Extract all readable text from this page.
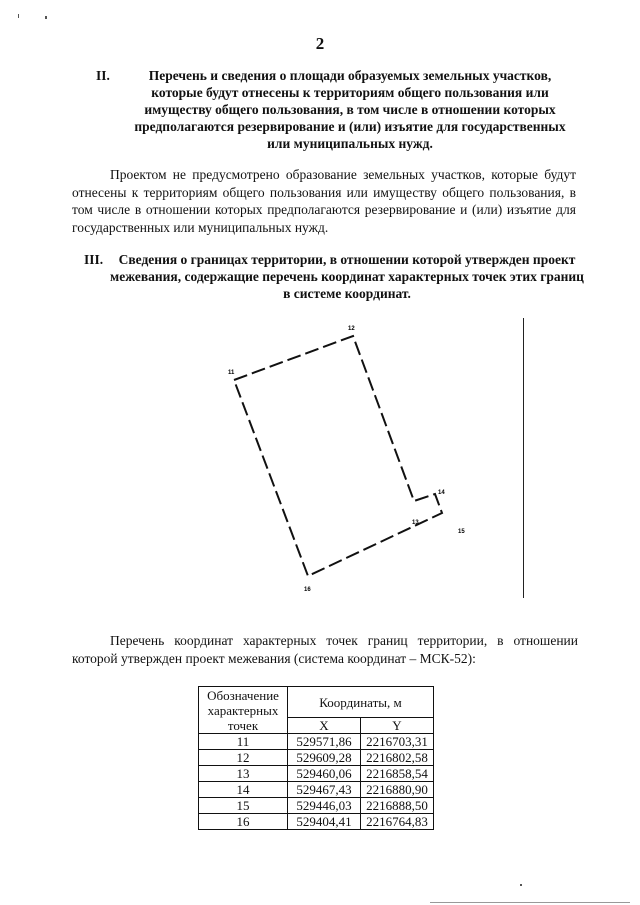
2
II.	Перечень и сведения о площади образуемых земельных участков, которые будут отнесены к территориям общего пользования или имуществу общего пользования, в том числе в отношении которых предполагаются резервирование и (или) изъятие для государственных или муниципальных нужд.
Проектом не предусмотрено образование земельных участков, которые будут отнесены к территориям общего пользования или имуществу общего пользования, в том числе в отношении которых предполагаются резервирование и (или) изъятие для государственных или муниципальных нужд.
III.	Сведения о границах территории, в отношении которой утвержден проект межевания, содержащие перечень координат характерных точек этих границ в системе координат.
11
12
13
14
15
16
Перечень координат характерных точек границ территории, в отношении которой утвержден проект межевания (система координат – МСК-52):
Обозначение характерных точек	Координаты, м	
	X	Y
11	529571,86	2216703,31
12	529609,28	2216802,58
13	529460,06	2216858,54
14	529467,43	2216880,90
15	529446,03	2216888,50
16	529404,41	2216764,83
